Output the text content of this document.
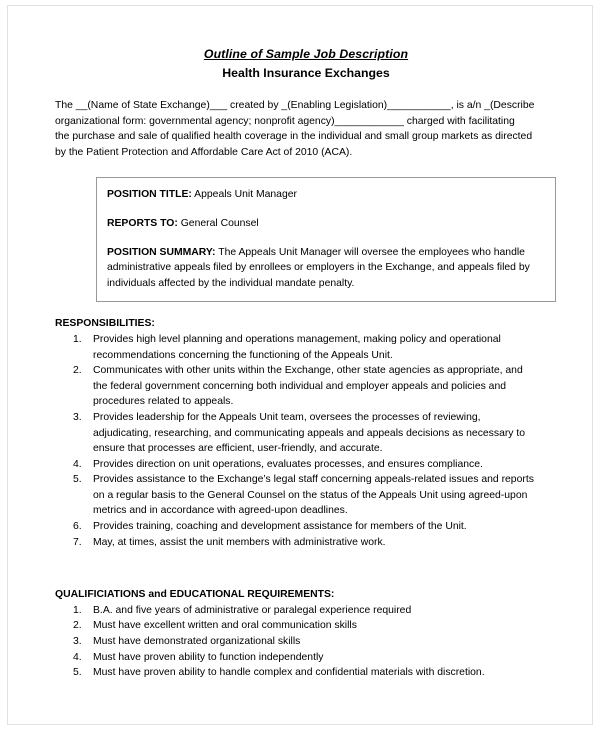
Outline of Sample Job Description
Health Insurance Exchanges

The __(Name of State Exchange)___ created by _(Enabling Legislation)___________, is a/n _(Describe
organizational form: governmental agency; nonprofit agency)____________ charged with facilitating
the purchase and sale of qualified health coverage in the individual and small group markets as directed
by the Patient Protection and Affordable Care Act of 2010 (ACA).

POSITION TITLE: Appeals Unit Manager

REPORTS TO: General Counsel

POSITION SUMMARY: The Appeals Unit Manager will oversee the employees who handle
administrative appeals filed by enrollees or employers in the Exchange, and appeals filed by
individuals affected by the individual mandate penalty.

RESPONSIBILITIES:

Provides high level planning and operations management, making policy and operational
recommendations concerning the functioning of the Appeals Unit.
Communicates with other units within the Exchange, other state agencies as appropriate, and
the federal government concerning both individual and employer appeals and policies and
procedures related to appeals.
Provides leadership for the Appeals Unit team, oversees the processes of reviewing,
adjudicating, researching, and communicating appeals and appeals decisions as necessary to
ensure that processes are efficient, user-friendly, and accurate.
Provides direction on unit operations, evaluates processes, and ensures compliance.
Provides assistance to the Exchange’s legal staff concerning appeals-related issues and reports
on a regular basis to the General Counsel on the status of the Appeals Unit using agreed-upon
metrics and in accordance with agreed-upon deadlines.
Provides training, coaching and development assistance for members of the Unit.
May, at times, assist the unit members with administrative work.

QUALIFICIATIONS and EDUCATIONAL REQUIREMENTS:

B.A. and five years of administrative or paralegal experience required
Must have excellent written and oral communication skills
Must have demonstrated organizational skills
Must have proven ability to function independently
Must have proven ability to handle complex and confidential materials with discretion.
